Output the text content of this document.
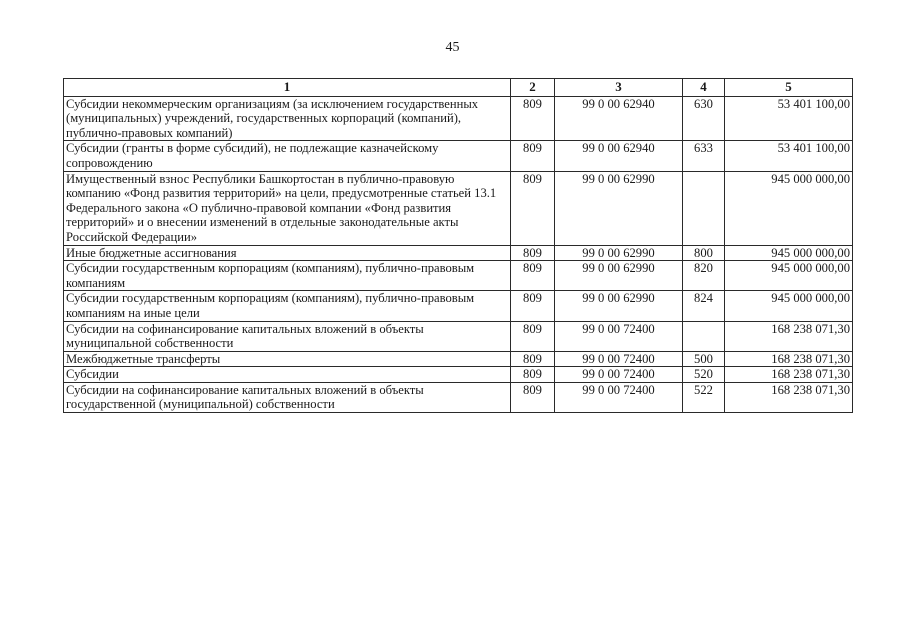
45
1	2	3	4	5
Субсидии некоммерческим организациям (за исключением государственных (муниципальных) учреждений, государственных корпораций (компаний), публично-правовых компаний)	809	99 0 00 62940	630	53 401 100,00
Субсидии (гранты в форме субсидий), не подлежащие казначейскому сопровождению	809	99 0 00 62940	633	53 401 100,00
Имущественный взнос Республики Башкортостан в публично-правовую компанию «Фонд развития территорий» на цели, предусмотренные статьей 13.1 Федерального закона «О публично-правовой компании «Фонд развития территорий» и о внесении изменений в отдельные законодательные акты Российской Федерации»	809	99 0 00 62990		945 000 000,00
Иные бюджетные ассигнования	809	99 0 00 62990	800	945 000 000,00
Субсидии государственным корпорациям (компаниям), публично-правовым компаниям	809	99 0 00 62990	820	945 000 000,00
Субсидии государственным корпорациям (компаниям), публично-правовым компаниям на иные цели	809	99 0 00 62990	824	945 000 000,00
Субсидии на софинансирование капитальных вложений в объекты муниципальной собственности	809	99 0 00 72400		168 238 071,30
Межбюджетные трансферты	809	99 0 00 72400	500	168 238 071,30
Субсидии	809	99 0 00 72400	520	168 238 071,30
Субсидии на софинансирование капитальных вложений в объекты государственной (муниципальной) собственности	809	99 0 00 72400	522	168 238 071,30
